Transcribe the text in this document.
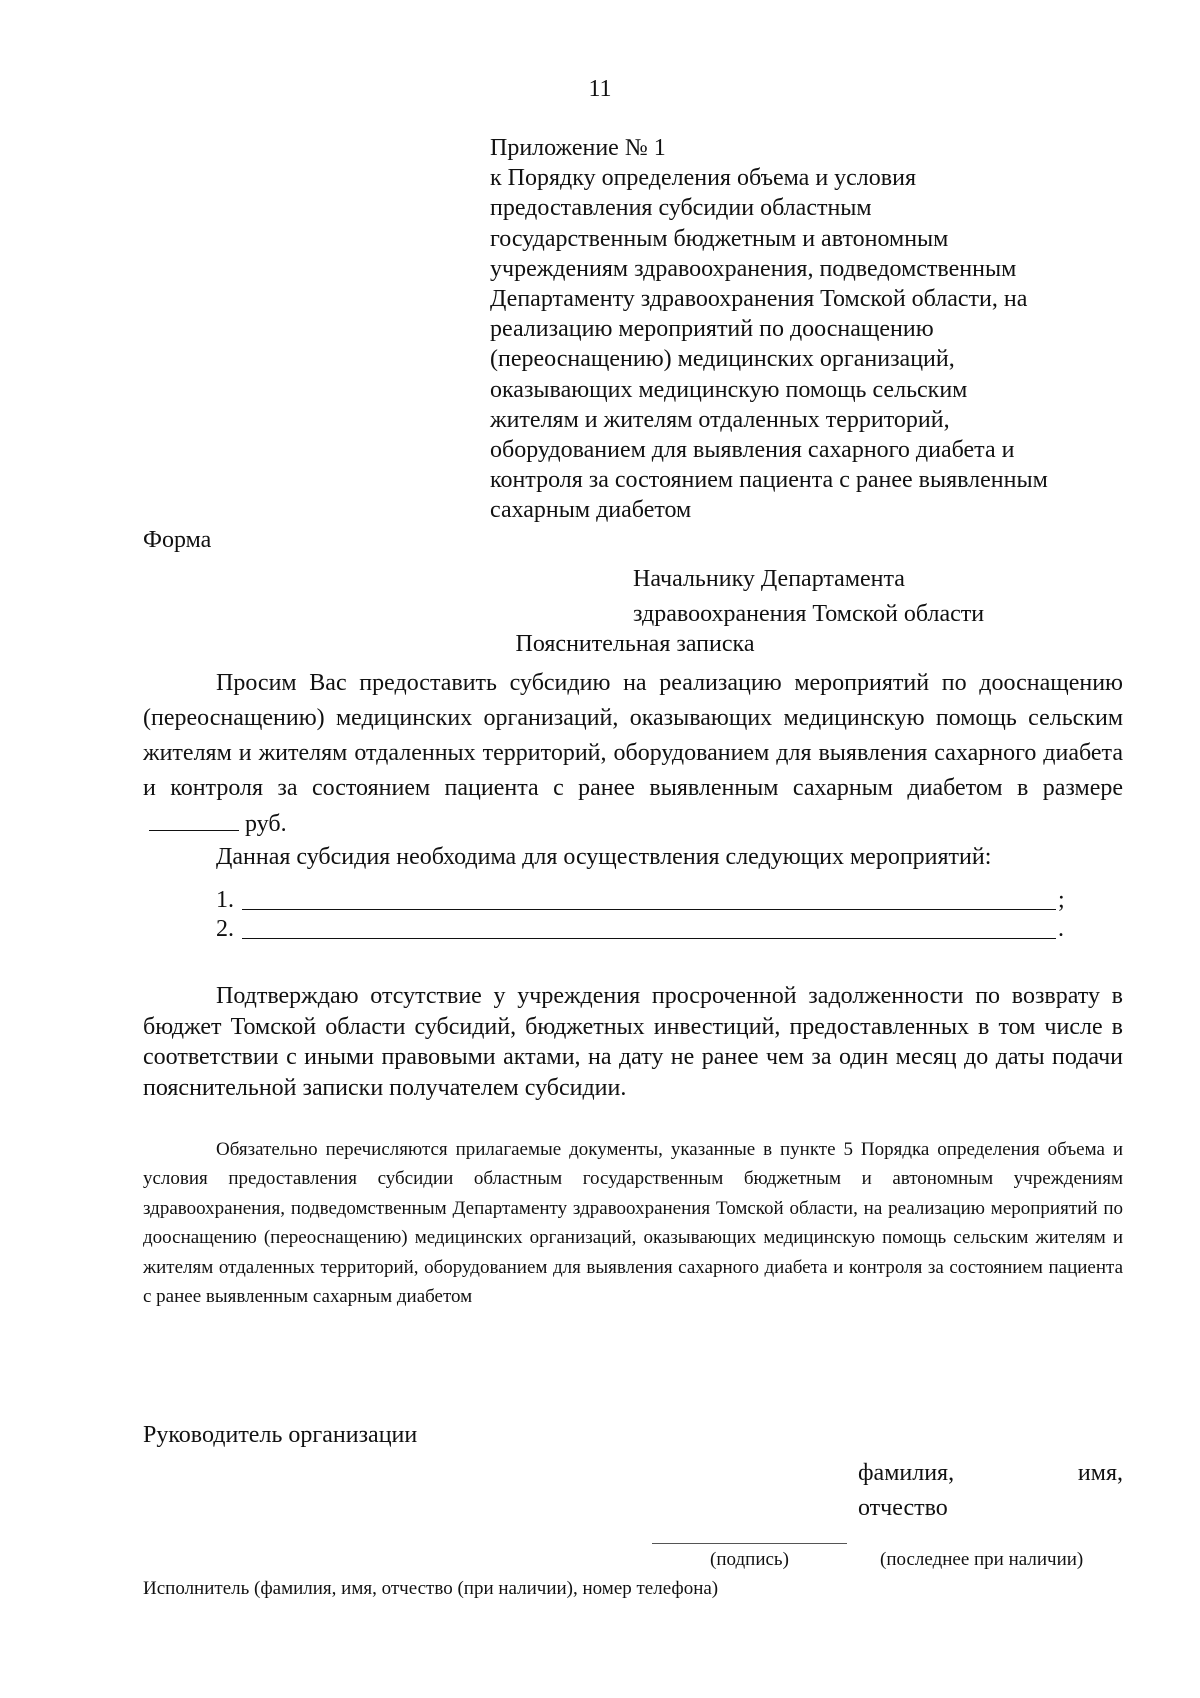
11
Приложение № 1
к Порядку определения объема и условия
предоставления субсидии областным
государственным бюджетным и автономным
учреждениям здравоохранения, подведомственным
Департаменту здравоохранения Томской области, на
реализацию мероприятий по дооснащению
(переоснащению) медицинских организаций,
оказывающих медицинскую помощь сельским
жителям и жителям отдаленных территорий,
оборудованием для выявления сахарного диабета и
контроля за состоянием пациента с ранее выявленным
сахарным диабетом
Форма
Начальнику Департамента
здравоохранения Томской области
Пояснительная записка
Просим Вас предоставить субсидию на реализацию мероприятий по дооснащению (переоснащению) медицинских организаций, оказывающих медицинскую помощь сельским жителям и жителям отдаленных территорий, оборудованием для выявления сахарного диабета и контроля за состоянием пациента с ранее выявленным сахарным диабетом в размереруб.
Данная субсидия необходима для осуществления следующих мероприятий:
1.	;
2.	.
Подтверждаю отсутствие у учреждения просроченной задолженности по возврату в бюджет Томской области субсидий, бюджетных инвестиций, предоставленных в том числе в соответствии с иными правовыми актами, на дату не ранее чем за один месяц до даты подачи пояснительной записки получателем субсидии.
Обязательно перечисляются прилагаемые документы, указанные в пункте 5 Порядка определения объема и условия предоставления субсидии областным государственным бюджетным и автономным учреждениям здравоохранения, подведомственным Департаменту здравоохранения Томской области, на реализацию мероприятий по дооснащению (переоснащению) медицинских организаций, оказывающих медицинскую помощь сельским жителям и жителям отдаленных территорий, оборудованием для выявления сахарного диабета и контроля за состоянием пациента с ранее выявленным сахарным диабетом
Руководитель организации
фамилия,	имя,
отчество
(подпись)	(последнее при наличии)
Исполнитель (фамилия, имя, отчество (при наличии), номер телефона)
